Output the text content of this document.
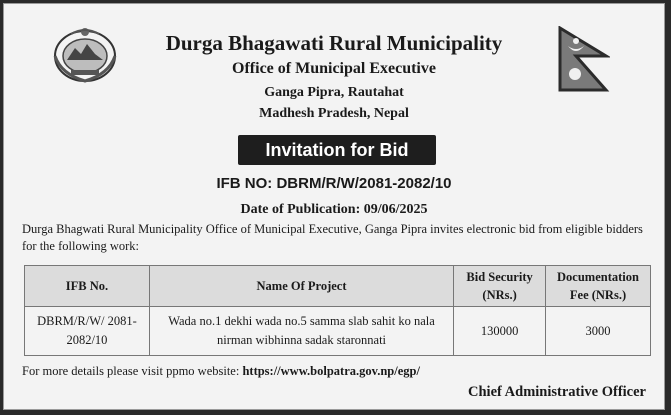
Durga Bhagawati Rural Municipality
Office of Municipal Executive
Ganga Pipra, Rautahat
Madhesh Pradesh, Nepal
Invitation for Bid
IFB NO: DBRM/R/W/2081-2082/10
Date of Publication: 09/06/2025
Durga Bhagwati Rural Municipality Office of Municipal Executive, Ganga Pipra invites electronic bid from eligible bidders for the following work:
IFB No.	Name Of Project	Bid Security (NRs.)	Documentation Fee (NRs.)
DBRM/R/W/ 2081-2082/10	Wada no.1 dekhi wada no.5 samma slab sahit ko nala nirman wibhinna sadak staronnati	130000	3000
For more details please visit ppmo website: https://www.bolpatra.gov.np/egp/
Chief Administrative Officer
